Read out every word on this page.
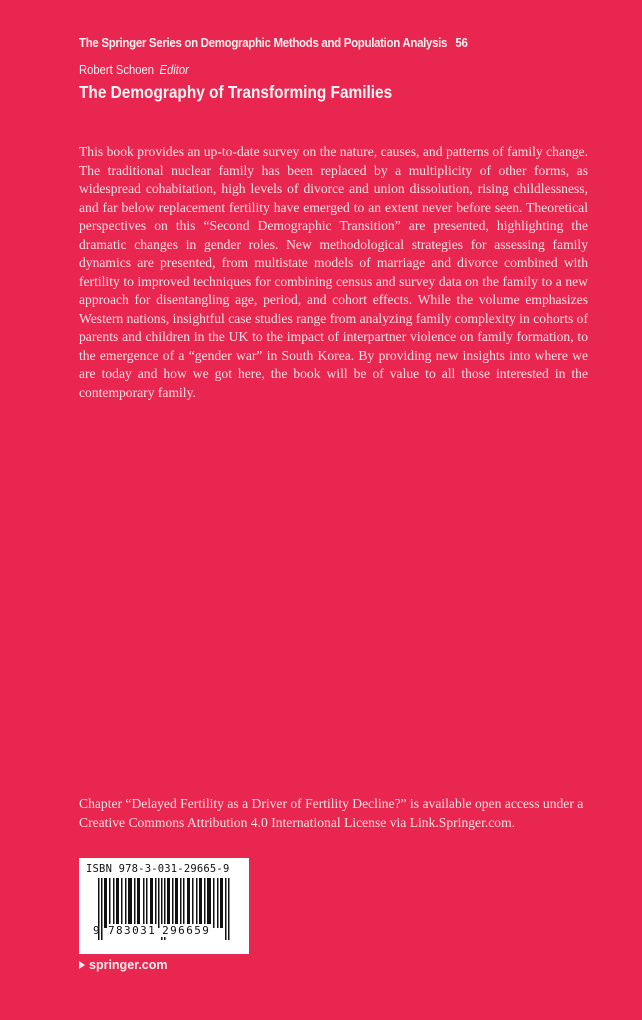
The Springer Series on Demographic Methods and Population Analysis 56
Robert Schoen Editor
The Demography of Transforming Families

This book provides an up-to-date survey on the nature, causes, and patterns of family change. The traditional nuclear family has been replaced by a multiplicity of other forms, as widespread cohabitation, high levels of divorce and union dissolution, rising childlessness, and far below replacement fertility have emerged to an extent never before seen. Theoretical perspectives on this “Second Demographic Transition” are presented, highlighting the dramatic changes in gender roles. New methodological strategies for assessing family dynamics are presented, from multistate models of marriage and divorce combined with fertility to improved techniques for combining census and survey data on the family to a new approach for disentangling age, period, and cohort effects. While the volume emphasizes Western nations, insightful case studies range from analyzing family complexity in cohorts of parents and children in the UK to the impact of interpartner violence on family formation, to the emergence of a “gender war” in South Korea. By providing new insights into where we are today and how we got here, the book will be of value to all those interested in the contemporary family.

Chapter “Delayed Fertility as a Driver of Fertility Decline?” is available open access under a Creative Commons Attribution 4.0 International License via Link.Springer.com.

ISBN 978-3-031-29665-9
9 783031 296659
springer.com
